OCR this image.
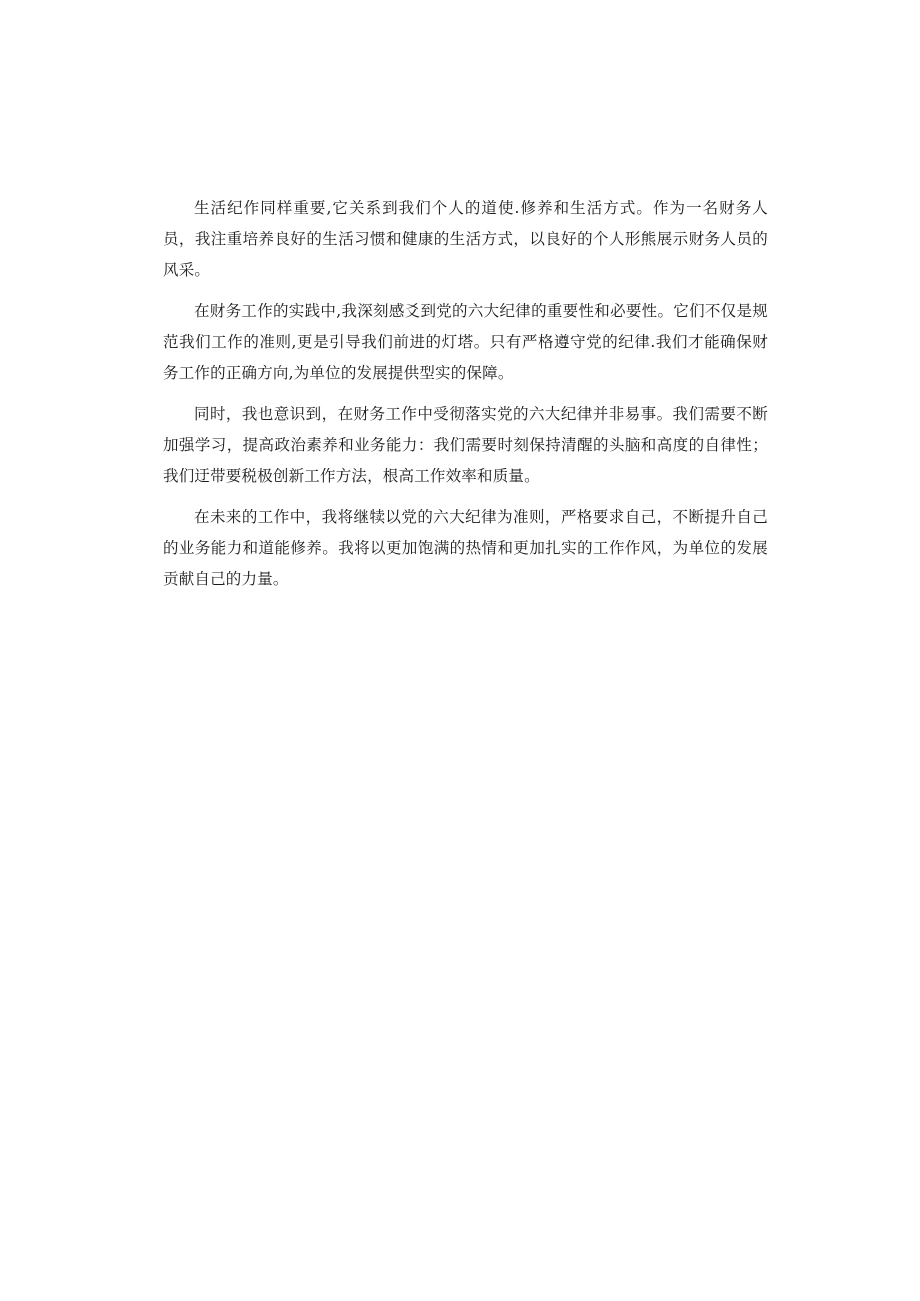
生活纪作同样重要,它关系到我们个人的道使.修养和生活方式。作为一名财务人员，我注重培养良好的生活习惯和健康的生活方式，以良好的个人形熊展示财务人员的风采。

在财务工作的实践中,我深刻感爻到党的六大纪律的重要性和必要性。它们不仅是规范我们工作的准则,更是引导我们前进的灯塔。只有严格遵守党的纪律.我们才能确保财务工作的正确方向,为单位的发展提供型实的保障。

同时，我也意识到，在财务工作中受彻落实党的六大纪律并非易事。我们需要不断加强学习，提高政治素养和业务能力：我们需要时刻保持清醒的头脑和高度的自律性；我们迂带要税极创新工作方法，根高工作效率和质量。

在未来的工作中，我将继犊以党的六大纪律为准则，严格要求自己，不断提升自己的业务能力和道能修养。我将以更加饱满的热情和更加扎实的工作作风，为单位的发展贡献自己的力量。
